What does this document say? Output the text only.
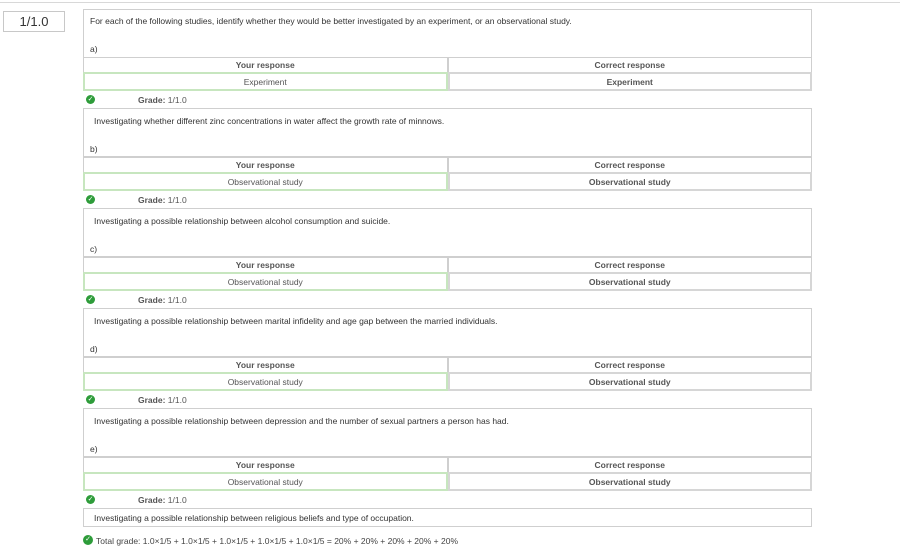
1/1.0	For each of the following studies, identify whether they would be better investigated by an experiment, or an observational study.
a)
Your response	Correct response
Experiment	Experiment
✓	Grade: 1/1.0
Investigating whether different zinc concentrations in water affect the growth rate of minnows.
b)
Your response	Correct response
Observational study	Observational study
✓	Grade: 1/1.0
Investigating a possible relationship between alcohol consumption and suicide.
c)
Your response	Correct response
Observational study	Observational study
✓	Grade: 1/1.0
Investigating a possible relationship between marital infidelity and age gap between the married individuals.
d)
Your response	Correct response
Observational study	Observational study
✓	Grade: 1/1.0
Investigating a possible relationship between depression and the number of sexual partners a person has had.
e)
Your response	Correct response
Observational study	Observational study
✓	Grade: 1/1.0
Investigating a possible relationship between religious beliefs and type of occupation.
✓ Total grade: 1.0×1/5 + 1.0×1/5 + 1.0×1/5 + 1.0×1/5 + 1.0×1/5 = 20% + 20% + 20% + 20% + 20%
